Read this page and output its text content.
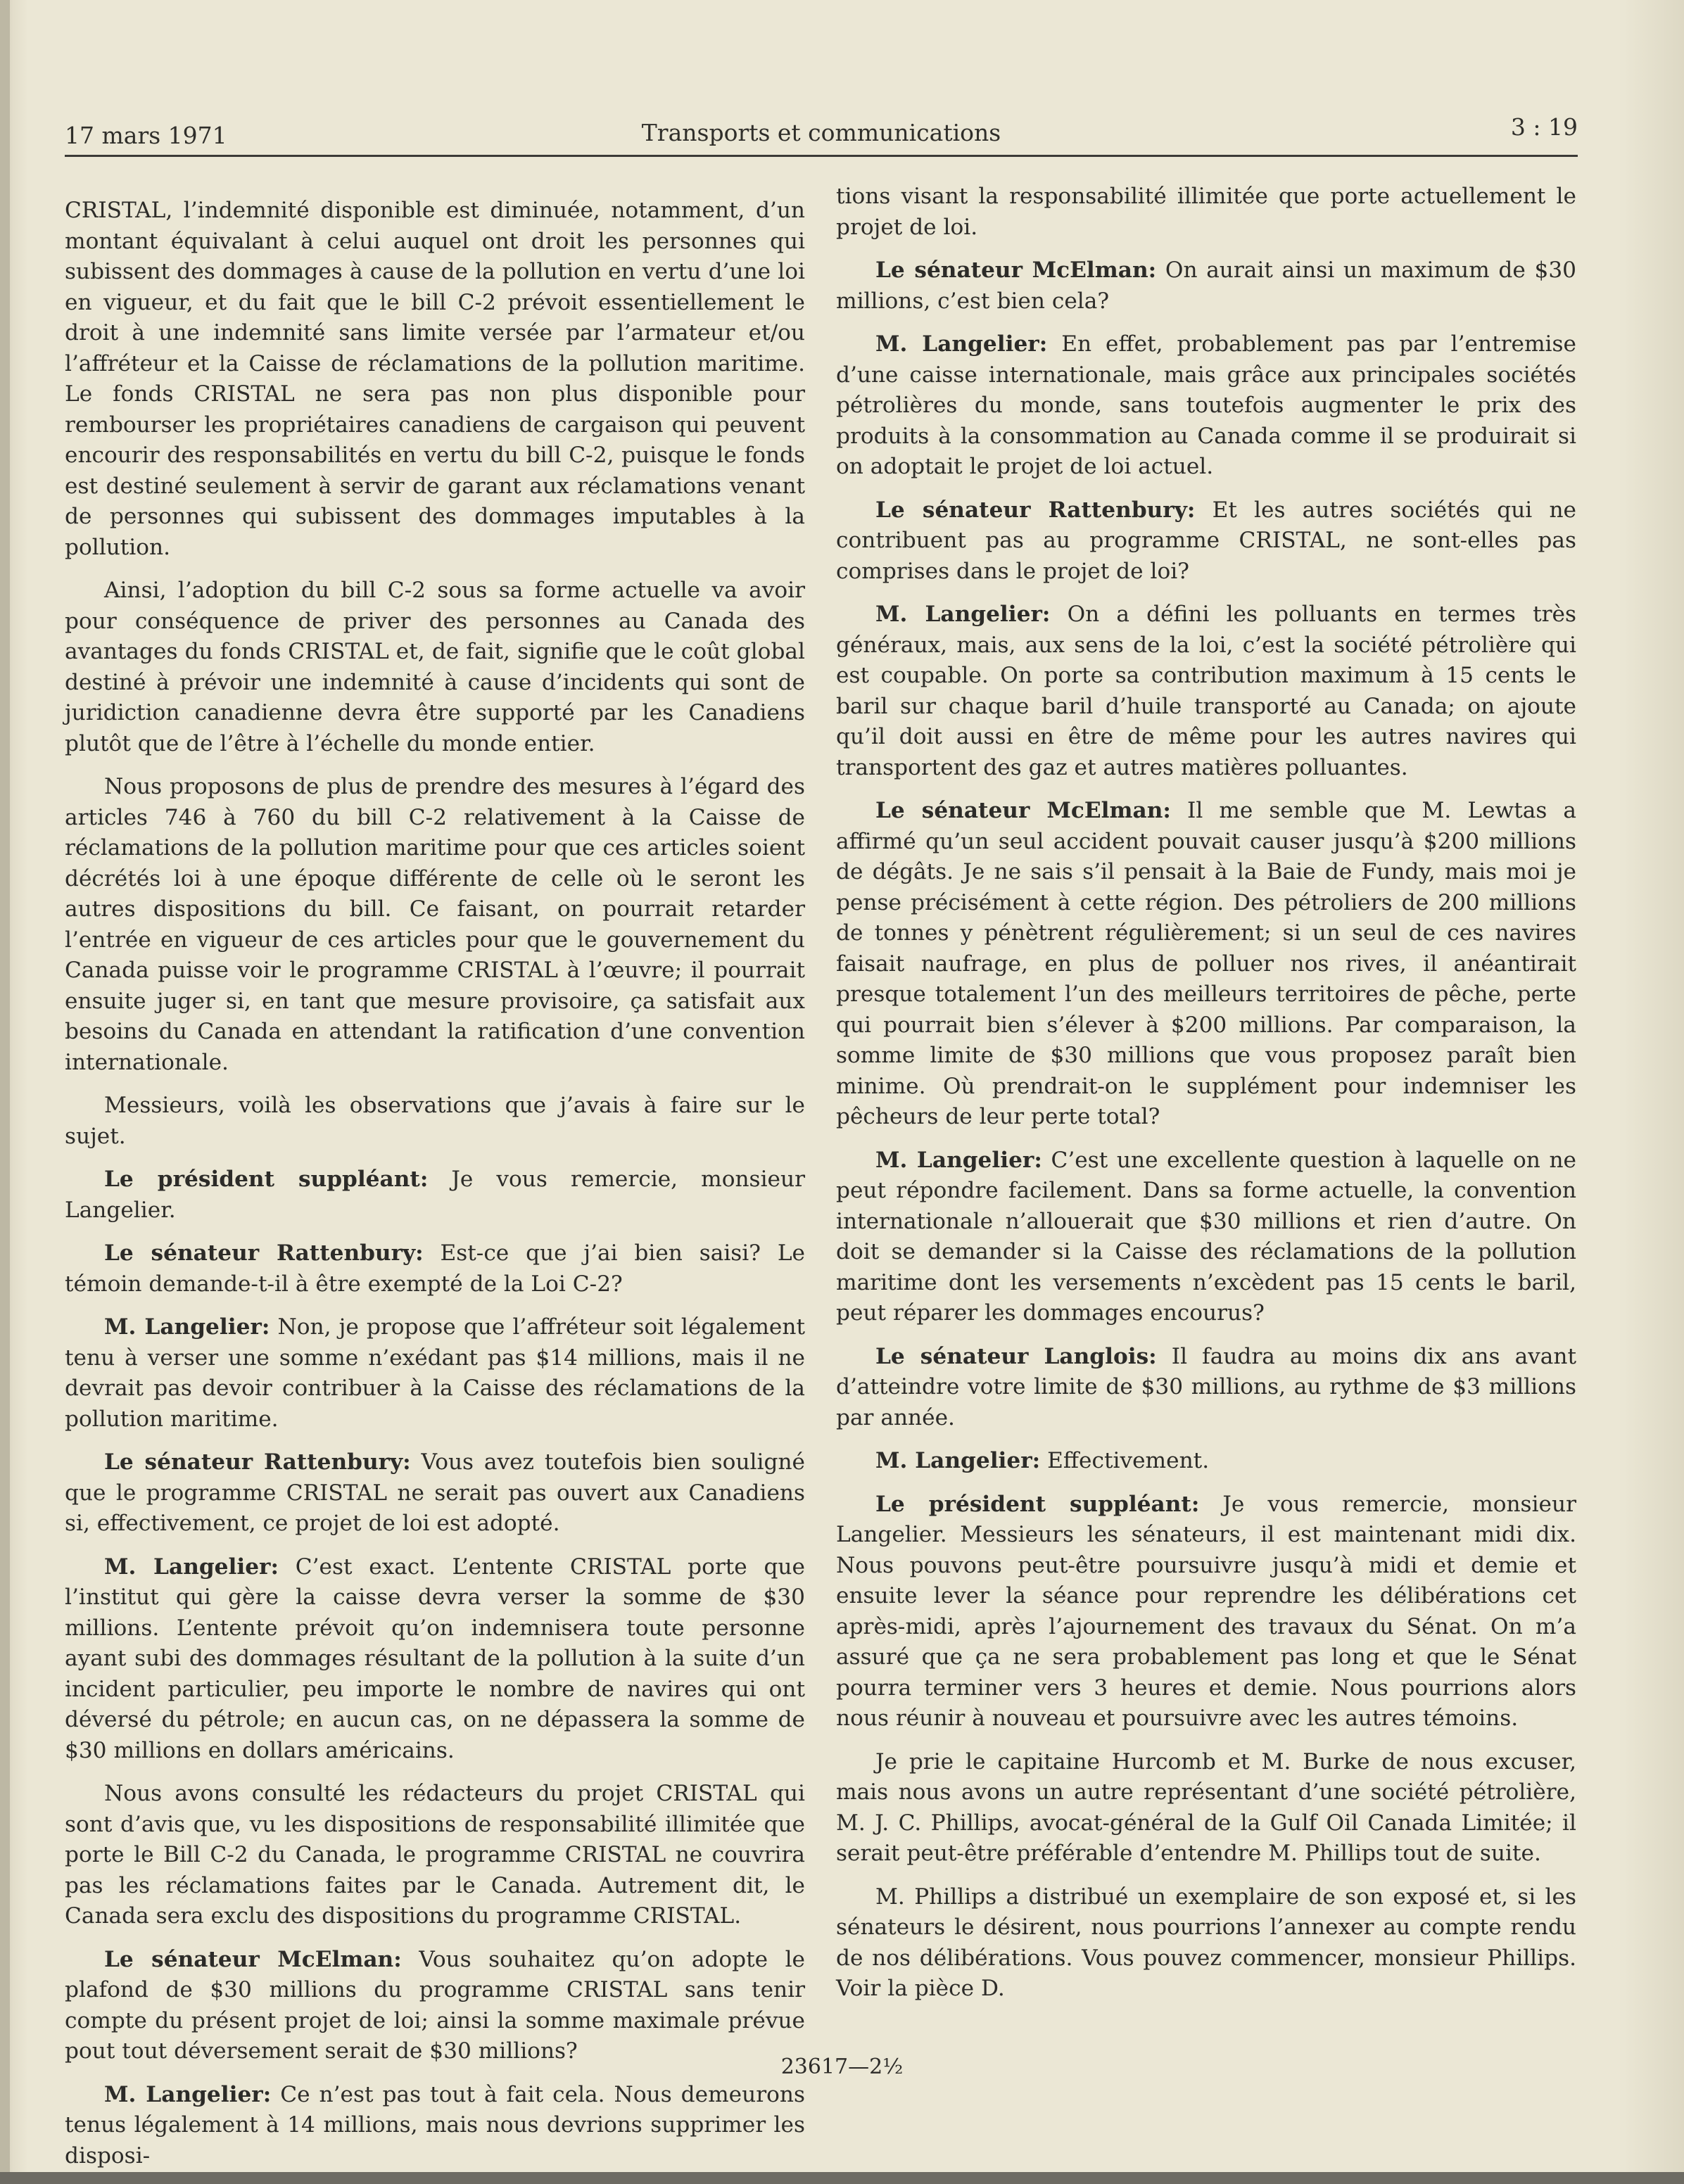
17 mars 1971	Transports et communications	3 : 19

CRISTAL, l’indemnité disponible est diminuée, notamment, d’un montant équivalant à celui auquel ont droit les personnes qui subissent des dommages à cause de la pollution en vertu d’une loi en vigueur, et du fait que le bill C-2 prévoit essentiellement le droit à une indemnité sans limite versée par l’armateur et/ou l’affréteur et la Caisse de réclamations de la pollution maritime. Le fonds CRISTAL ne sera pas non plus disponible pour rembourser les propriétaires canadiens de cargaison qui peuvent encourir des responsabilités en vertu du bill C-2, puisque le fonds est destiné seulement à servir de garant aux réclamations venant de personnes qui subissent des dommages imputables à la pollution.

Ainsi, l’adoption du bill C-2 sous sa forme actuelle va avoir pour conséquence de priver des personnes au Canada des avantages du fonds CRISTAL et, de fait, signifie que le coût global destiné à prévoir une indemnité à cause d’incidents qui sont de juridiction canadienne devra être supporté par les Canadiens plutôt que de l’être à l’échelle du monde entier.

Nous proposons de plus de prendre des mesures à l’égard des articles 746 à 760 du bill C-2 relativement à la Caisse de réclamations de la pollution maritime pour que ces articles soient décrétés loi à une époque différente de celle où le seront les autres dispositions du bill. Ce faisant, on pourrait retarder l’entrée en vigueur de ces articles pour que le gouvernement du Canada puisse voir le programme CRISTAL à l’œuvre; il pourrait ensuite juger si, en tant que mesure provisoire, ça satisfait aux besoins du Canada en attendant la ratification d’une convention internationale.

Messieurs, voilà les observations que j’avais à faire sur le sujet.

Le président suppléant: Je vous remercie, monsieur Langelier.

Le sénateur Rattenbury: Est-ce que j’ai bien saisi? Le témoin demande-t-il à être exempté de la Loi C-2?

M. Langelier: Non, je propose que l’affréteur soit légalement tenu à verser une somme n’exédant pas $14 millions, mais il ne devrait pas devoir contribuer à la Caisse des réclamations de la pollution maritime.

Le sénateur Rattenbury: Vous avez toutefois bien souligné que le programme CRISTAL ne serait pas ouvert aux Canadiens si, effectivement, ce projet de loi est adopté.

M. Langelier: C’est exact. L’entente CRISTAL porte que l’institut qui gère la caisse devra verser la somme de $30 millions. L’entente prévoit qu’on indemnisera toute personne ayant subi des dommages résultant de la pollution à la suite d’un incident particulier, peu importe le nombre de navires qui ont déversé du pétrole; en aucun cas, on ne dépassera la somme de $30 millions en dollars américains.

Nous avons consulté les rédacteurs du projet CRISTAL qui sont d’avis que, vu les dispositions de responsabilité illimitée que porte le Bill C-2 du Canada, le programme CRISTAL ne couvrira pas les réclamations faites par le Canada. Autrement dit, le Canada sera exclu des dispositions du programme CRISTAL.

Le sénateur McElman: Vous souhaitez qu’on adopte le plafond de $30 millions du programme CRISTAL sans tenir compte du présent projet de loi; ainsi la somme maximale prévue pout tout déversement serait de $30 millions?

M. Langelier: Ce n’est pas tout à fait cela. Nous demeurons tenus légalement à 14 millions, mais nous devrions supprimer les disposi-

tions visant la responsabilité illimitée que porte actuellement le projet de loi.

Le sénateur McElman: On aurait ainsi un maximum de $30 millions, c’est bien cela?

M. Langelier: En effet, probablement pas par l’entremise d’une caisse internationale, mais grâce aux principales sociétés pétrolières du monde, sans toutefois augmenter le prix des produits à la consommation au Canada comme il se produirait si on adoptait le projet de loi actuel.

Le sénateur Rattenbury: Et les autres sociétés qui ne contribuent pas au programme CRISTAL, ne sont-elles pas comprises dans le projet de loi?

M. Langelier: On a défini les polluants en termes très généraux, mais, aux sens de la loi, c’est la société pétrolière qui est coupable. On porte sa contribution maximum à 15 cents le baril sur chaque baril d’huile transporté au Canada; on ajoute qu’il doit aussi en être de même pour les autres navires qui transportent des gaz et autres matières polluantes.

Le sénateur McElman: Il me semble que M. Lewtas a affirmé qu’un seul accident pouvait causer jusqu’à $200 millions de dégâts. Je ne sais s’il pensait à la Baie de Fundy, mais moi je pense précisément à cette région. Des pétroliers de 200 millions de tonnes y pénètrent régulièrement; si un seul de ces navires faisait naufrage, en plus de polluer nos rives, il anéantirait presque totalement l’un des meilleurs territoires de pêche, perte qui pourrait bien s’élever à $200 millions. Par comparaison, la somme limite de $30 millions que vous proposez paraît bien minime. Où prendrait-on le supplément pour indemniser les pêcheurs de leur perte total?

M. Langelier: C’est une excellente question à laquelle on ne peut répondre facilement. Dans sa forme actuelle, la convention internationale n’allouerait que $30 millions et rien d’autre. On doit se demander si la Caisse des réclamations de la pollution maritime dont les versements n’excèdent pas 15 cents le baril, peut réparer les dommages encourus?

Le sénateur Langlois: Il faudra au moins dix ans avant d’atteindre votre limite de $30 millions, au rythme de $3 millions par année.

M. Langelier: Effectivement.

Le président suppléant: Je vous remercie, monsieur Langelier. Messieurs les sénateurs, il est maintenant midi dix. Nous pouvons peut-être poursuivre jusqu’à midi et demie et ensuite lever la séance pour reprendre les délibérations cet après-midi, après l’ajournement des travaux du Sénat. On m’a assuré que ça ne sera probablement pas long et que le Sénat pourra terminer vers 3 heures et demie. Nous pourrions alors nous réunir à nouveau et poursuivre avec les autres témoins.

Je prie le capitaine Hurcomb et M. Burke de nous excuser, mais nous avons un autre représentant d’une société pétrolière, M. J. C. Phillips, avocat-général de la Gulf Oil Canada Limitée; il serait peut-être préférable d’entendre M. Phillips tout de suite.

M. Phillips a distribué un exemplaire de son exposé et, si les sénateurs le désirent, nous pourrions l’annexer au compte rendu de nos délibérations. Vous pouvez commencer, monsieur Phillips. Voir la pièce D.

23617—2½
